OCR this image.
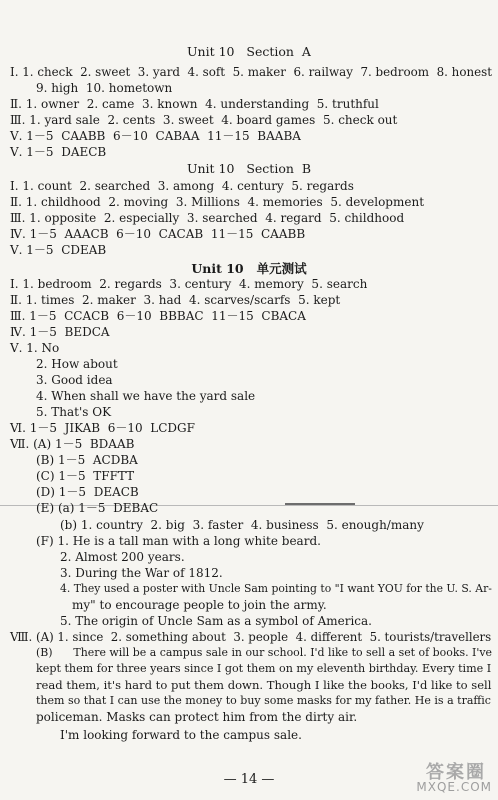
Unit 10   Section  A
Ⅰ. 1. check  2. sweet  3. yard  4. soft  5. maker  6. railway  7. bedroom  8. honest
9. high  10. hometown
Ⅱ. 1. owner  2. came  3. known  4. understanding  5. truthful
Ⅲ. 1. yard sale  2. cents  3. sweet  4. board games  5. check out
Ⅴ. 1－5  CAABB  6－10  CABAA  11－15  BAABA
Ⅴ. 1－5  DAECB
Unit 10   Section  B
Ⅰ. 1. count  2. searched  3. among  4. century  5. regards
Ⅱ. 1. childhood  2. moving  3. Millions  4. memories  5. development
Ⅲ. 1. opposite  2. especially  3. searched  4. regard  5. childhood
Ⅳ. 1－5  AAACB  6－10  CACAB  11－15  CAABB
Ⅴ. 1－5  CDEAB
Unit 10   单元测试
Ⅰ. 1. bedroom  2. regards  3. century  4. memory  5. search
Ⅱ. 1. times  2. maker  3. had  4. scarves/scarfs  5. kept
Ⅲ. 1－5  CCACB  6－10  BBBAC  11－15  CBACA
Ⅳ. 1－5  BEDCA
Ⅴ. 1. No
2. How about
3. Good idea
4. When shall we have the yard sale
5. That's OK
Ⅵ. 1－5  JIKAB  6－10  LCDGF
Ⅶ. (A) 1－5  BDAAB
(B) 1－5  ACDBA
(C) 1－5  TFFTT
(D) 1－5  DEACB
(E) (a) 1－5  DEBAC
(b) 1. country  2. big  3. faster  4. business  5. enough/many
(F) 1. He is a tall man with a long white beard.
2. Almost 200 years.
3. During the War of 1812.
4. They used a poster with Uncle Sam pointing to "I want YOU for the U. S. Ar-
my" to encourage people to join the army.
5. The origin of Uncle Sam as a symbol of America.
Ⅷ. (A) 1. since  2. something about  3. people  4. different  5. tourists/travellers
(B)      There will be a campus sale in our school. I'd like to sell a set of books. I've
kept them for three years since I got them on my eleventh birthday. Every time I
read them, it's hard to put them down. Though I like the books, I'd like to sell
them so that I can use the money to buy some masks for my father. He is a traffic
policeman. Masks can protect him from the dirty air.
I'm looking forward to the campus sale.
— 14 —	答案圈
MXQE.COM
